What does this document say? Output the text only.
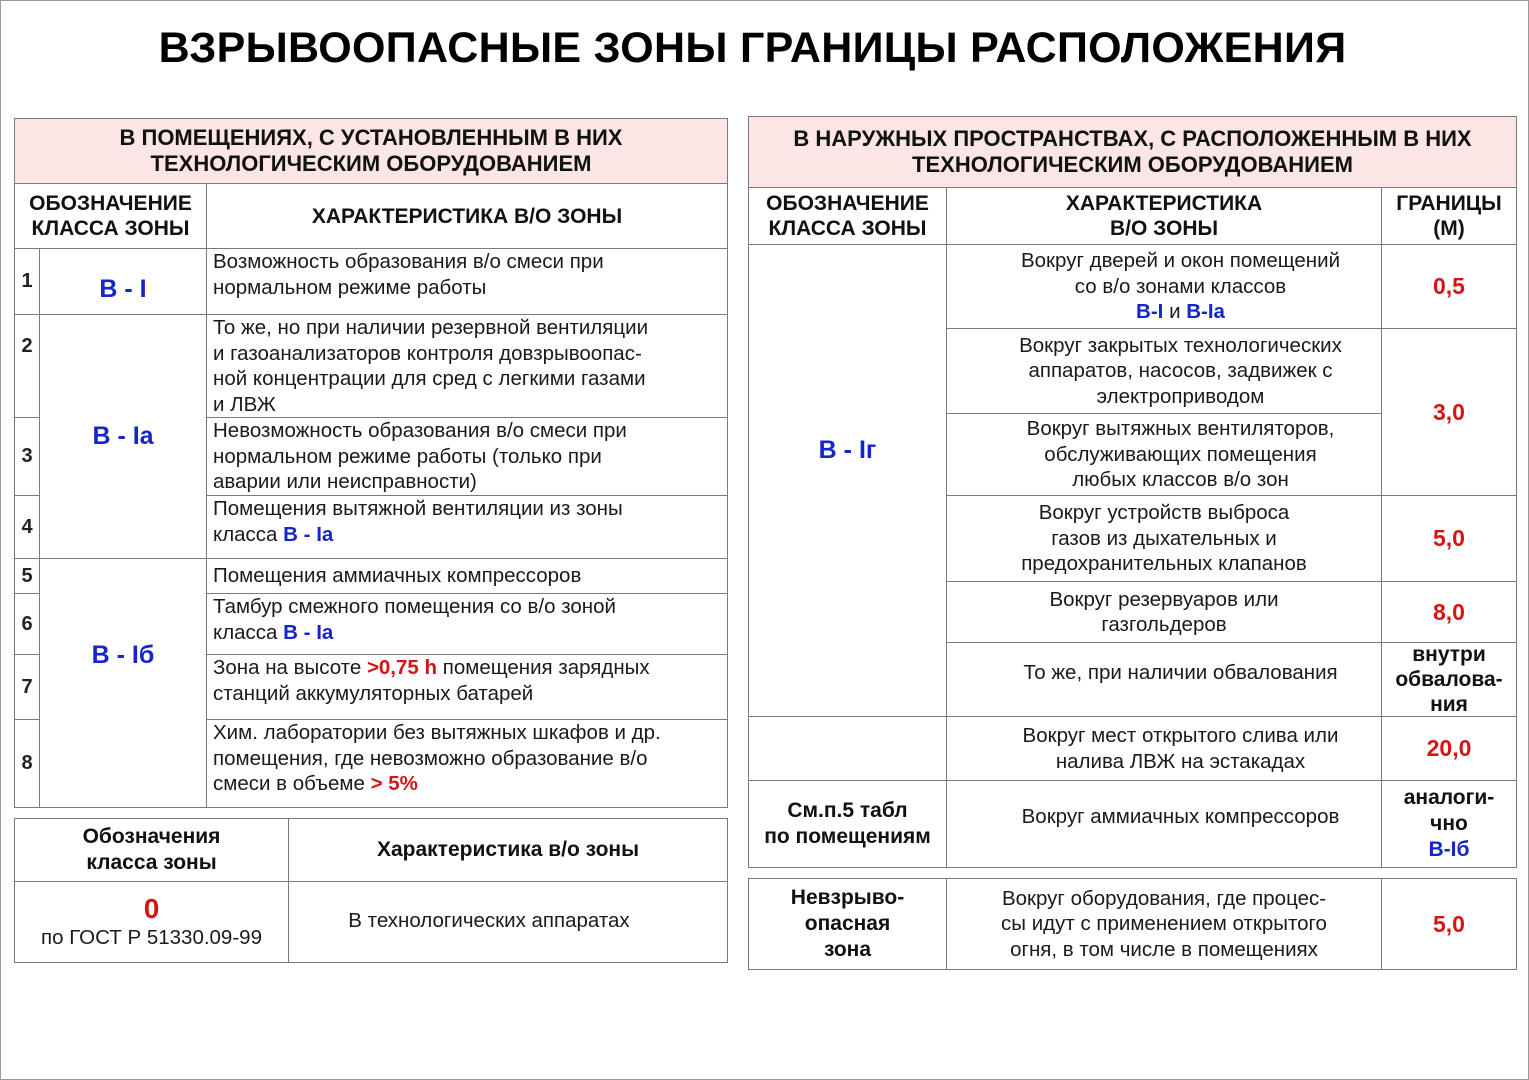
ВЗРЫВООПАСНЫЕ ЗОНЫ ГРАНИЦЫ РАСПОЛОЖЕНИЯ
В ПОМЕЩЕНИЯХ, С УСТАНОВЛЕННЫМ В НИХ
ТЕХНОЛОГИЧЕСКИМ ОБОРУДОВАНИЕМ
ОБОЗНАЧЕНИЕ
КЛАССА ЗОНЫ
ХАРАКТЕРИСТИКА В/О ЗОНЫ
1
2
3
4
5
6
7
8
В - I
В - Iа
В - Iб
Возможность образования в/о смеси при
нормальном режиме работы
То же, но при наличии резервной вентиляции
и газоанализаторов контроля довзрывоопас-
ной концентрации для сред с легкими газами
и ЛВЖ
Невозможность образования в/о смеси при
нормальном режиме работы (только при
аварии или неисправности)
Помещения вытяжной вентиляции из зоны
класса В - Iа
Помещения аммиачных компрессоров
Тамбур смежного помещения со в/о зоной
класса В - Iа
Зона на высоте >0,75 h помещения зарядных
станций аккумуляторных батарей
Хим. лаборатории без вытяжных шкафов и др.
помещения, где невозможно образование в/о
смеси в объеме > 5%
Обозначения
класса зоны
Характеристика в/о зоны
0
по ГОСТ Р 51330.09-99
В технологических аппаратах
В НАРУЖНЫХ ПРОСТРАНСТВАХ, С РАСПОЛОЖЕННЫМ В НИХ
ТЕХНОЛОГИЧЕСКИМ ОБОРУДОВАНИЕМ
ОБОЗНАЧЕНИЕ
КЛАССА ЗОНЫ
ХАРАКТЕРИСТИКА
В/О ЗОНЫ
ГРАНИЦЫ
(М)
В - Iг
Вокруг дверей и окон помещений
со в/о зонами классов
В-I и В-Iа
0,5
Вокруг закрытых технологических
аппаратов, насосов, задвижек с
электроприводом
Вокруг вытяжных вентиляторов,
обслуживающих помещения
любых классов в/о зон
3,0
Вокруг устройств выброса
газов из дыхательных и
предохранительных клапанов
5,0
Вокруг резервуаров или
газгольдеров	8,0
То же, при наличии обвалования
внутри
обвалова-
ния
Вокруг мест открытого слива или
налива ЛВЖ на эстакадах	20,0
См.п.5 табл
по помещениям
Вокруг аммиачных компрессоров
аналоги-
чно
В-Iб
Невзрыво-
опасная
зона
Вокруг оборудования, где процес-
сы идут с применением открытого
огня, в том числе в помещениях
5,0
